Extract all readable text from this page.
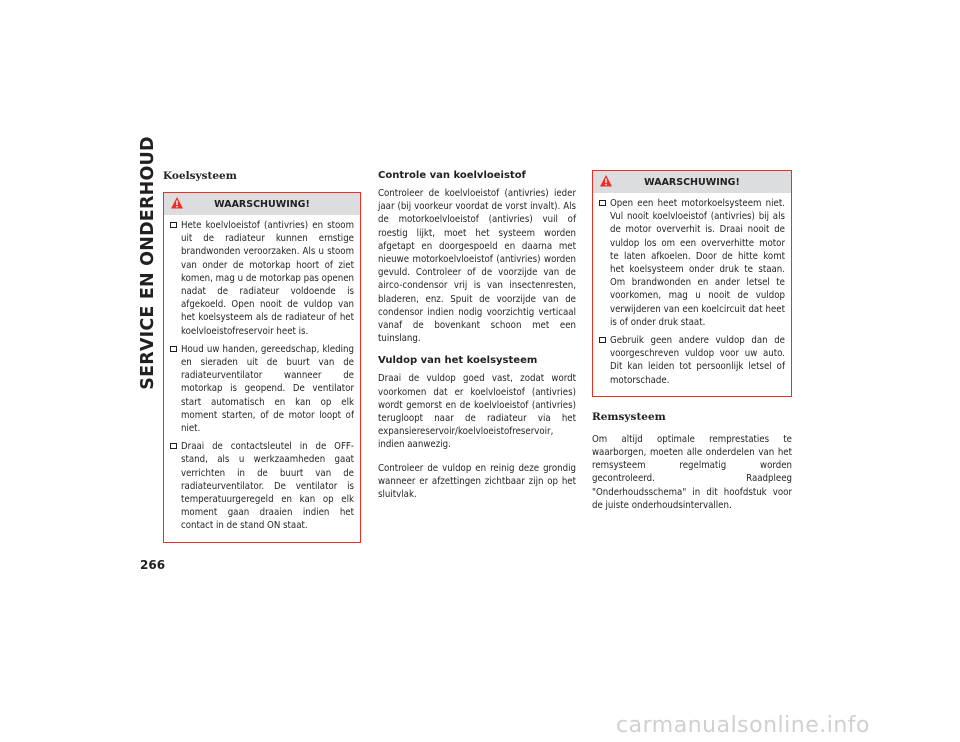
SERVICE EN ONDERHOUD
266
Koelsysteem
WAARSCHUWING!
Hete koelvloeistof (antivries) en stoom uit de radiateur kunnen ernstige brandwonden veroorzaken. Als u stoom van onder de motorkap hoort of ziet komen, mag u de motorkap pas openen nadat de radiateur voldoende is afgekoeld. Open nooit de vuldop van het koelsysteem als de radiateur of het koelvloeistofreservoir heet is.
Houd uw handen, gereedschap, kleding en sieraden uit de buurt van de radiateurventilator wanneer de motorkap is geopend. De ventilator start automatisch en kan op elk moment starten, of de motor loopt of niet.
Draai de contactsleutel in de OFF-stand, als u werkzaamheden gaat verrichten in de buurt van de radiateurventilator. De ventilator is temperatuurgeregeld en kan op elk moment gaan draaien indien het contact in de stand ON staat.
Controle van koelvloeistof

Controleer de koelvloeistof (antivries) ieder jaar (bij voorkeur voordat de vorst invalt). Als de motorkoelvloeistof (antivries) vuil of roestig lijkt, moet het systeem worden afgetapt en doorgespoeld en daarna met nieuwe motorkoelvloeistof (antivries) worden gevuld. Controleer of de voorzijde van de airco-condensor vrij is van insectenresten, bladeren, enz. Spuit de voorzijde van de condensor indien nodig voorzichtig verticaal vanaf de bovenkant schoon met een tuinslang.

Vuldop van het koelsysteem

Draai de vuldop goed vast, zodat wordt voorkomen dat er koelvloeistof (antivries) wordt gemorst en de koelvloeistof (antivries) terugloopt naar de radiateur via het expansiereservoir/koelvloeistofreservoir, indien aanwezig.

Controleer de vuldop en reinig deze grondig wanneer er afzettingen zichtbaar zijn op het sluitvlak.

WAARSCHUWING!
Open een heet motorkoelsysteem niet. Vul nooit koelvloeistof (antivries) bij als de motor oververhit is. Draai nooit de vuldop los om een oververhitte motor te laten afkoelen. Door de hitte komt het koelsysteem onder druk te staan. Om brandwonden en ander letsel te voorkomen, mag u nooit de vuldop verwijderen van een koelcircuit dat heet is of onder druk staat.
Gebruik geen andere vuldop dan de voorgeschreven vuldop voor uw auto. Dit kan leiden tot persoonlijk letsel of motorschade.
Remsysteem

Om altijd optimale remprestaties te waarborgen, moeten alle onderdelen van het remsysteem regelmatig worden gecontroleerd. Raadpleeg "Onderhoudsschema" in dit hoofdstuk voor de juiste onderhoudsintervallen.

carmanualsonline.info
